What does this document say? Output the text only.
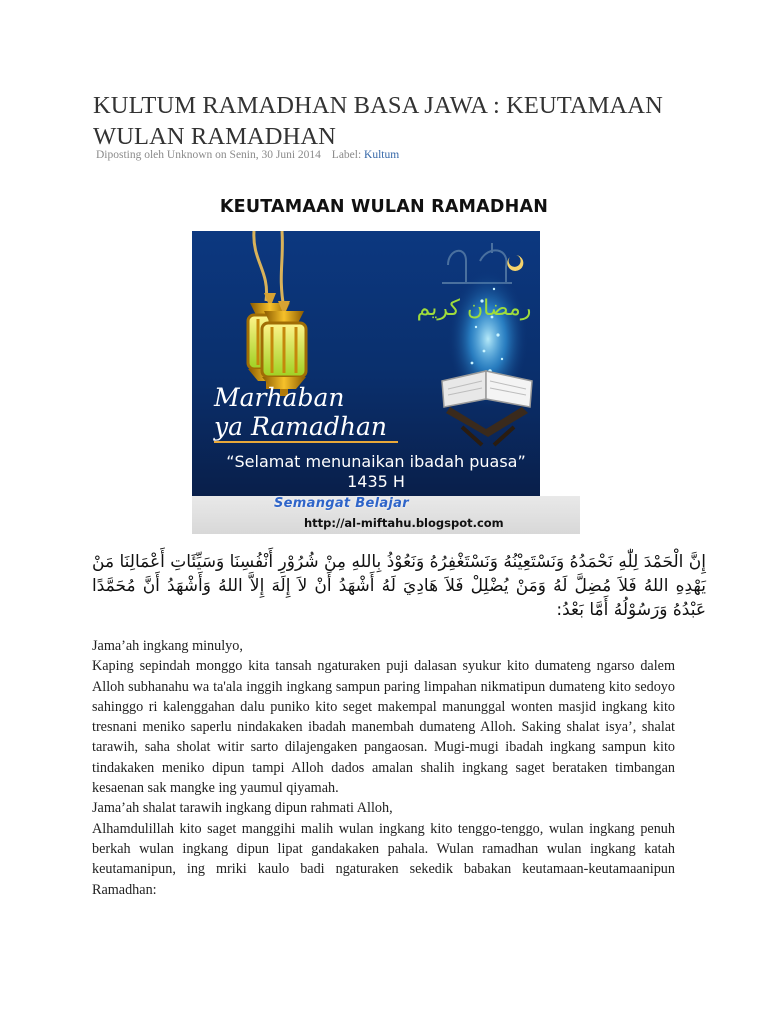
KULTUM RAMADHAN BASA JAWA : KEUTAMAAN WULAN RAMADHAN
Diposting oleh Unknown on Senin, 30 Juni 2014 Label: Kultum
KEUTAMAAN WULAN RAMADHAN
رمضان كريم
Marhaban
ya Ramadhan
“Selamat menunaikan ibadah puasa”
1435 H
Semangat Belajar
http://al-miftahu.blogspot.com

إِنَّ الْحَمْدَ لِلّٰهِ نَحْمَدُهُ وَنَسْتَعِيْنُهُ وَنَسْتَغْفِرُهُ وَنَعُوْذُ بِاللهِ مِنْ شُرُوْرِ أَنْفُسِنَا وَسَيِّئَاتِ أَعْمَالِنَا مَنْ يَهْدِهِ اللهُ فَلاَ مُضِلَّ لَهُ وَمَنْ يُضْلِلْ فَلاَ هَادِيَ لَهُ أَشْهَدُ أَنْ لاَ إِلَهَ إِلاَّ اللهُ وَأَشْهَدُ أَنَّ مُحَمَّدًا عَبْدُهُ وَرَسُوْلُهُ أَمَّا بَعْدُ:

Jama’ah ingkang minulyo,

Kaping sepindah monggo kita tansah ngaturaken puji dalasan syukur kito dumateng ngarso dalem Alloh subhanahu wa ta'ala inggih ingkang sampun paring limpahan nikmatipun dumateng kito sedoyo sahinggo ri kalenggahan dalu puniko kito seget makempal manunggal wonten masjid ingkang kito tresnani meniko saperlu nindakaken ibadah manembah dumateng Alloh. Saking shalat isya’, shalat tarawih, saha sholat witir sarto dilajengaken pangaosan. Mugi-mugi ibadah ingkang sampun kito tindakaken meniko dipun tampi Alloh dados amalan shalih ingkang saget berataken timbangan kesaenan sak mangke ing yaumul qiyamah.

Jama’ah shalat tarawih ingkang dipun rahmati Alloh,

Alhamdulillah kito saget manggihi malih wulan ingkang kito tenggo-tenggo, wulan ingkang penuh berkah wulan ingkang dipun lipat gandakaken pahala. Wulan ramadhan wulan ingkang katah keutamanipun, ing mriki kaulo badi ngaturaken sekedik babakan keutamaan-keutamaanipun Ramadhan:
